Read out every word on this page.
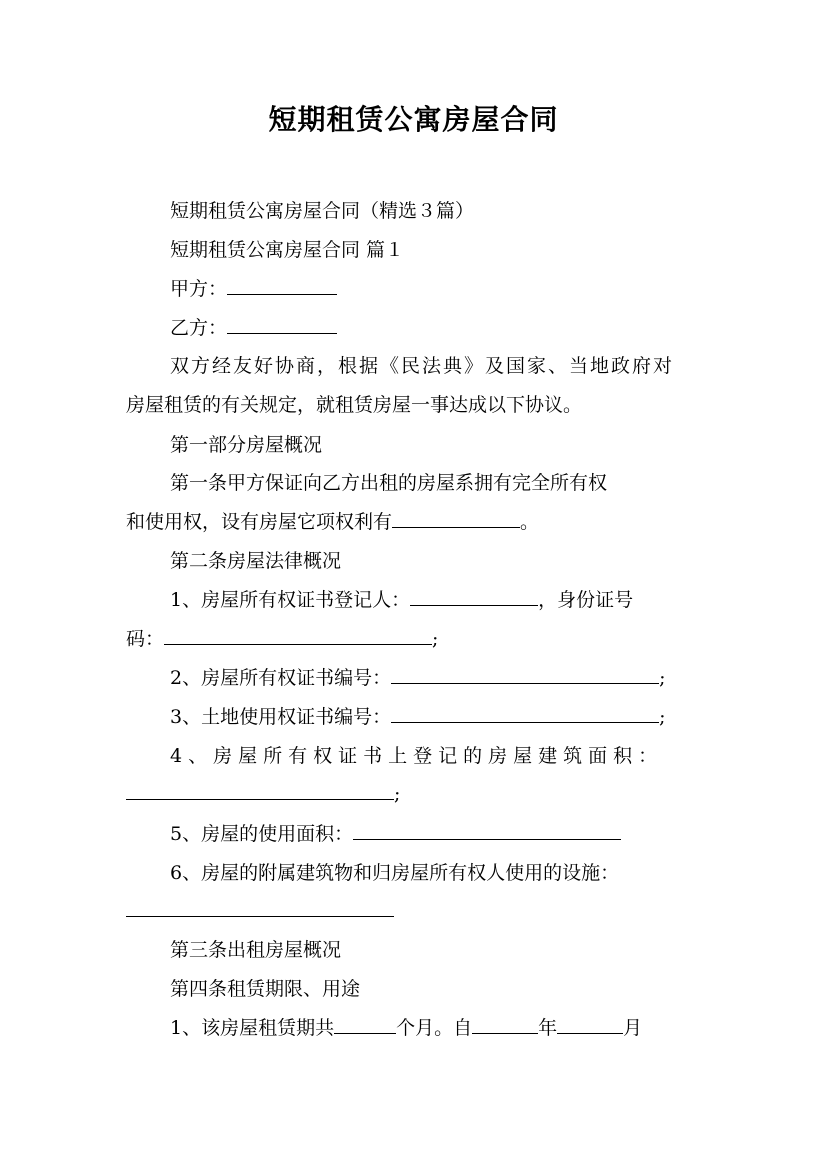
短期租赁公寓房屋合同
短期租赁公寓房屋合同（精选３篇）
短期租赁公寓房屋合同 篇１
甲方：
乙方：
双方经友好协商，根据《民法典》及国家、当地政府对
房屋租赁的有关规定，就租赁房屋一事达成以下协议。
第一部分房屋概况
第一条甲方保证向乙方出租的房屋系拥有完全所有权
和使用权，设有房屋它项权利有	。
第二条房屋法律概况
1、房屋所有权证书登记人：	，身份证号
码：	;
2、房屋所有权证书编号：	;
3、土地使用权证书编号：	;
4、房屋所有权证书上登记的房屋建筑面积：
;
5、房屋的使用面积：
6、房屋的附属建筑物和归房屋所有权人使用的设施：
第三条出租房屋概况
第四条租赁期限、用途
1、该房屋租赁期共	个月。自	年	月
